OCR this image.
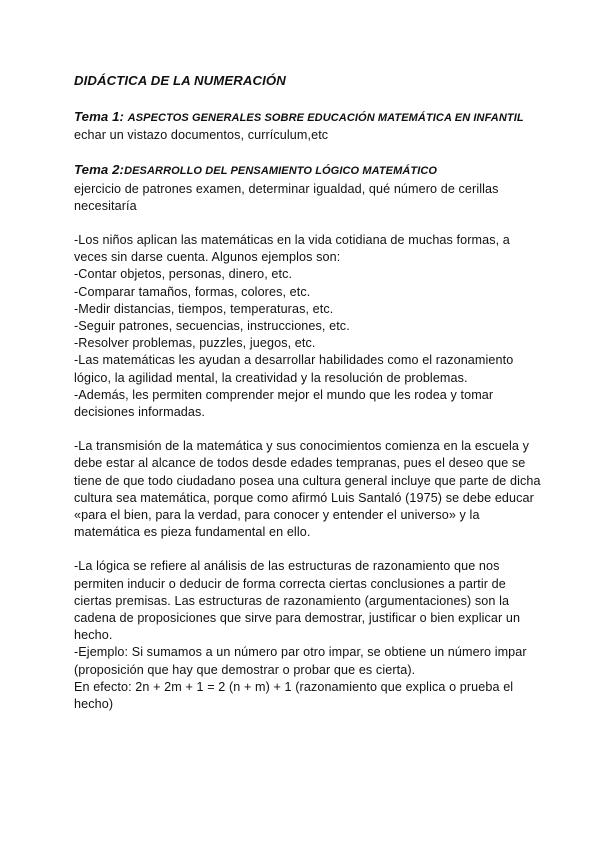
DIDÁCTICA DE LA NUMERACIÓN

Tema 1: ASPECTOS GENERALES SOBRE EDUCACIÓN MATEMÁTICA EN INFANTIL

echar un vistazo documentos, currículum,etc

Tema 2:DESARROLLO DEL PENSAMIENTO LÓGICO MATEMÁTICO

ejercicio de patrones examen, determinar igualdad, qué número de cerillas necesitaría

-Los niños aplican las matemáticas en la vida cotidiana de muchas formas, a veces sin darse cuenta. Algunos ejemplos son:
-Contar objetos, personas, dinero, etc.
-Comparar tamaños, formas, colores, etc.
-Medir distancias, tiempos, temperaturas, etc.
-Seguir patrones, secuencias, instrucciones, etc.
-Resolver problemas, puzzles, juegos, etc.
-Las matemáticas les ayudan a desarrollar habilidades como el razonamiento lógico, la agilidad mental, la creatividad y la resolución de problemas.
-Además, les permiten comprender mejor el mundo que les rodea y tomar decisiones informadas.
-La transmisión de la matemática y sus conocimientos comienza en la escuela y debe estar al alcance de todos desde edades tempranas, pues el deseo que se tiene de que todo ciudadano posea una cultura general incluye que parte de dicha cultura sea matemática, porque como afirmó Luis Santaló (1975) se debe educar «para el bien, para la verdad, para conocer y entender el universo» y la matemática es pieza fundamental en ello.
-La lógica se refiere al análisis de las estructuras de razonamiento que nos permiten inducir o deducir de forma correcta ciertas conclusiones a partir de ciertas premisas. Las estructuras de razonamiento (argumentaciones) son la cadena de proposiciones que sirve para demostrar, justificar o bien explicar un hecho.
-Ejemplo: Si sumamos a un número par otro impar, se obtiene un número impar (proposición que hay que demostrar o probar que es cierta).
En efecto: 2n + 2m + 1 = 2 (n + m) + 1 (razonamiento que explica o prueba el hecho)
